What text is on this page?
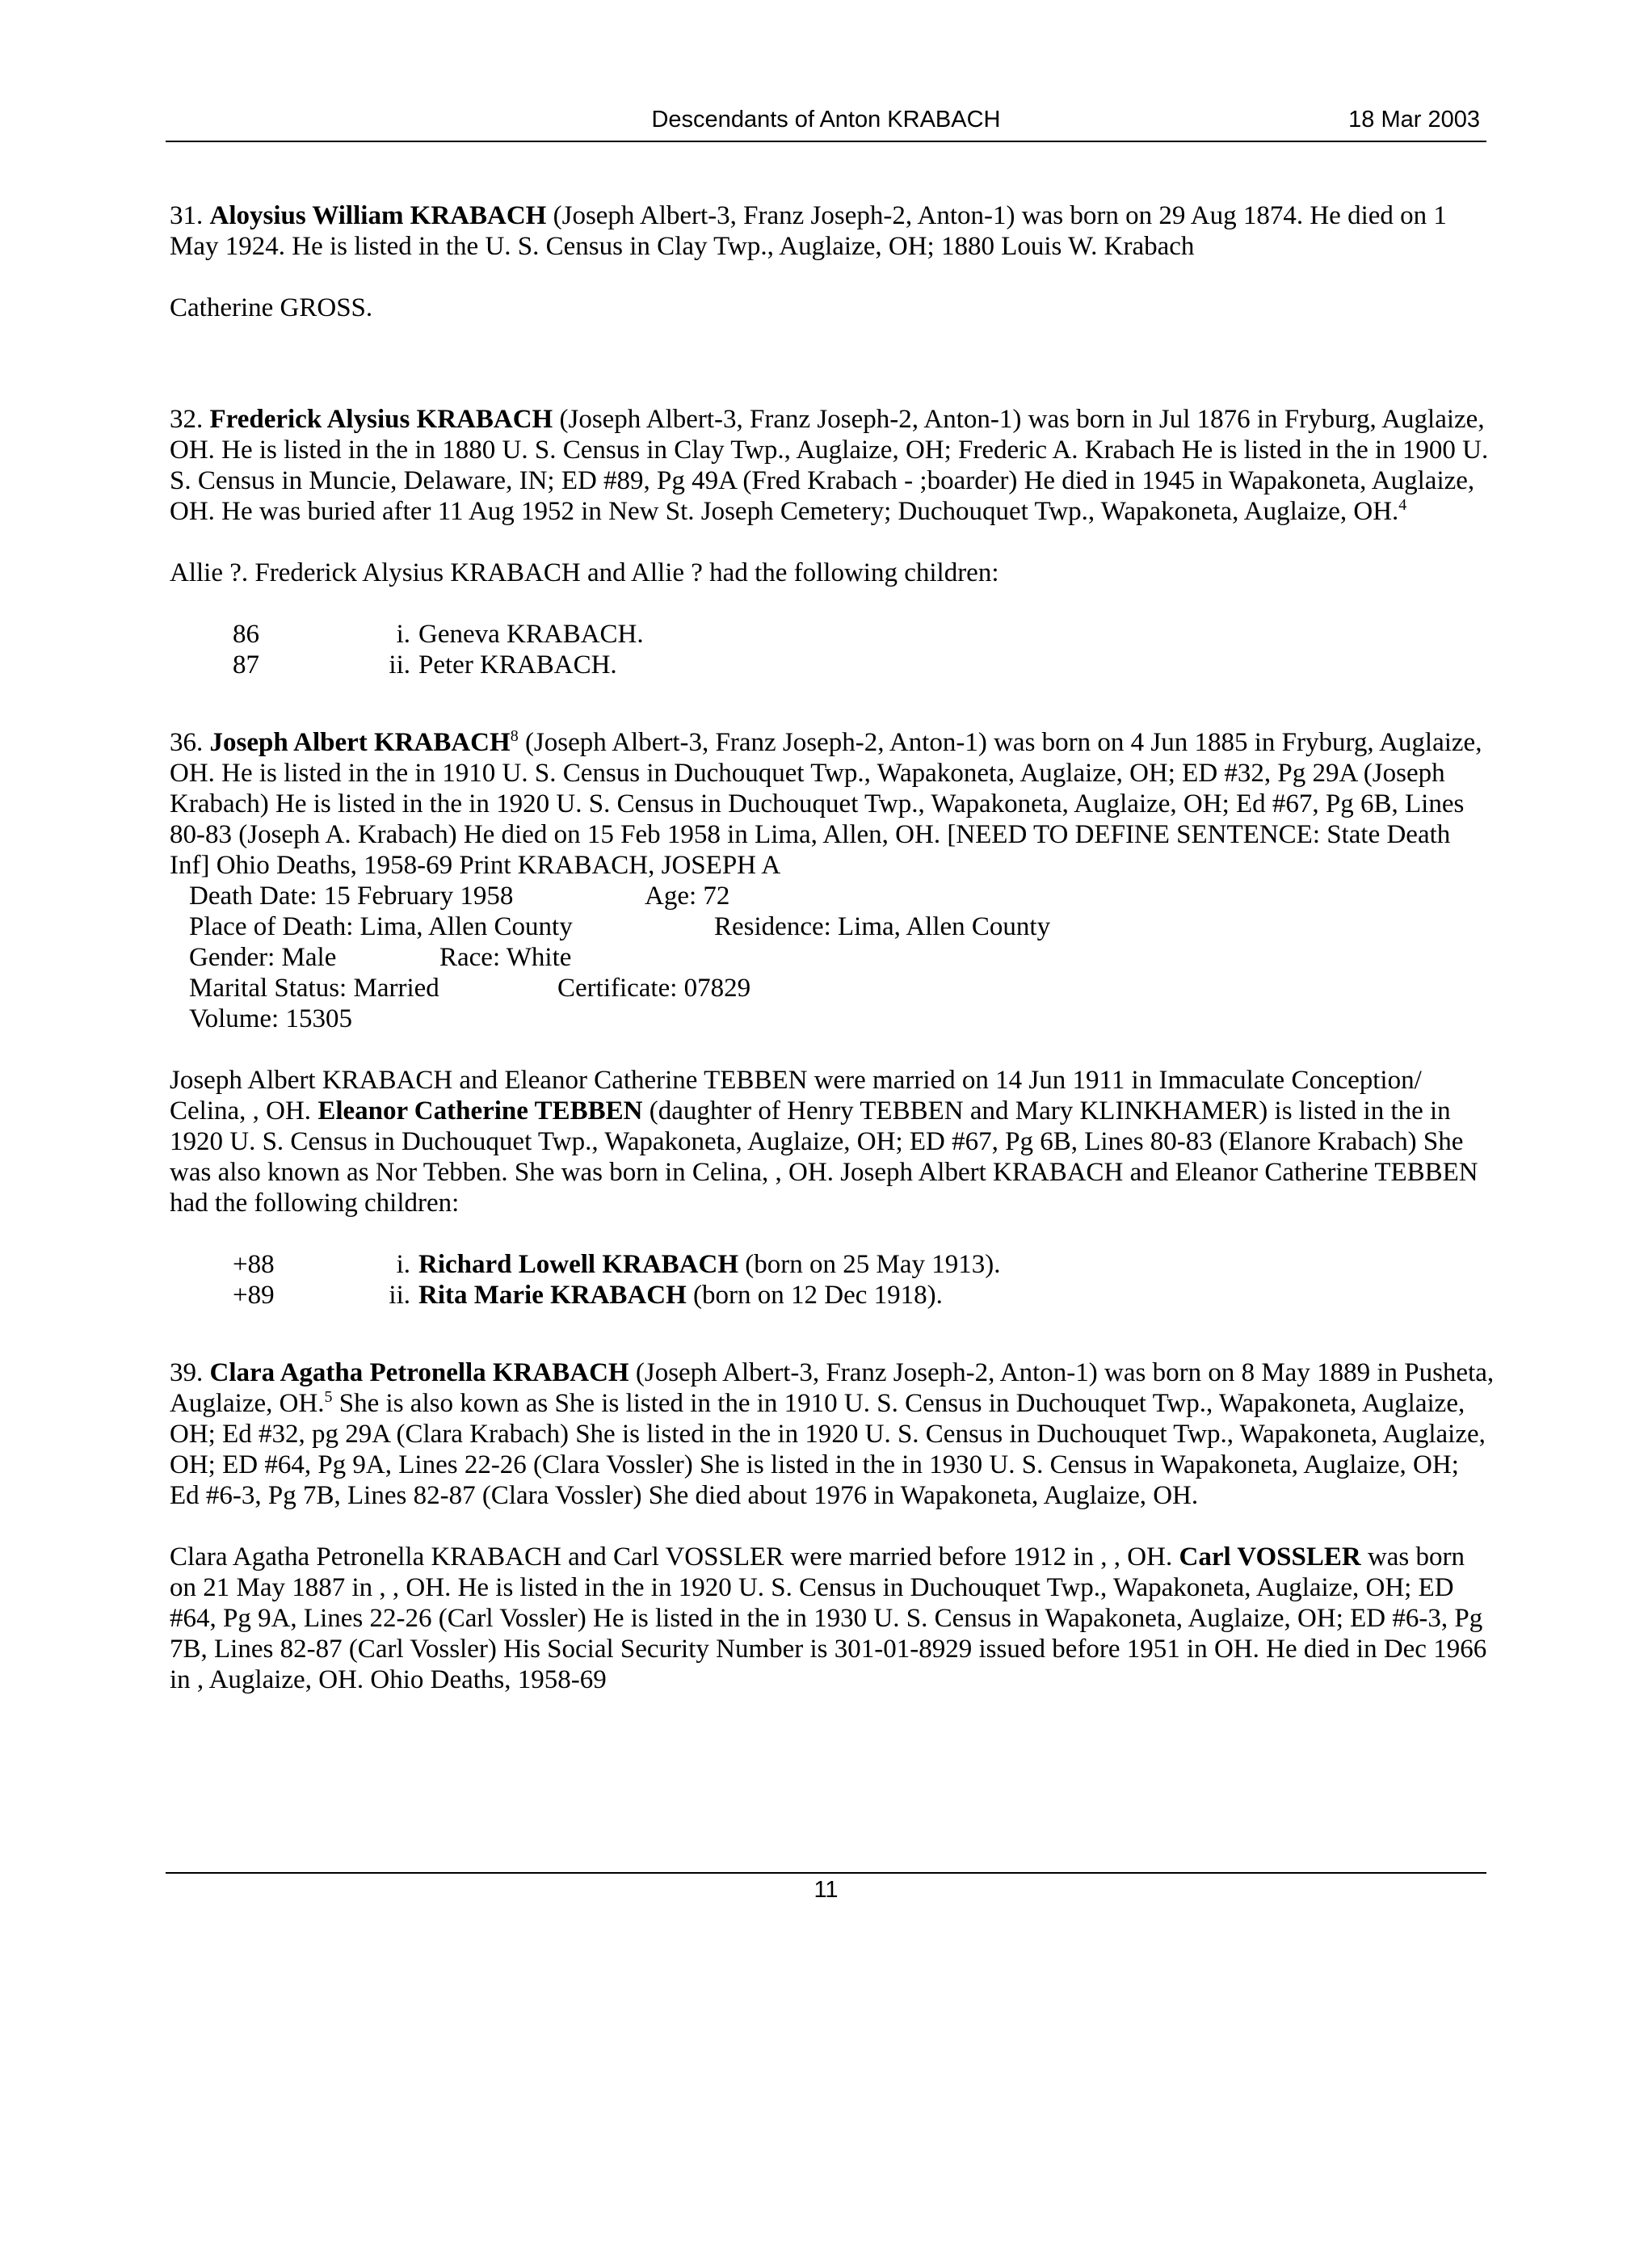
Descendants of Anton KRABACH	18 Mar 2003

31. Aloysius William KRABACH (Joseph Albert-3, Franz Joseph-2, Anton-1) was born on 29 Aug 1874. He died on 1 May 1924. He is listed in the U. S. Census in Clay Twp., Auglaize, OH; 1880 Louis W. Krabach

Catherine GROSS.

32. Frederick Alysius KRABACH (Joseph Albert-3, Franz Joseph-2, Anton-1) was born in Jul 1876 in Fryburg, Auglaize, OH. He is listed in the in 1880 U. S. Census in Clay Twp., Auglaize, OH; Frederic A. Krabach He is listed in the in 1900 U. S. Census in Muncie, Delaware, IN; ED #89, Pg 49A (Fred Krabach - ;boarder) He died in 1945 in Wapakoneta, Auglaize, OH. He was buried after 11 Aug 1952 in New St. Joseph Cemetery; Duchouquet Twp., Wapakoneta, Auglaize, OH.$^4$

Allie ?. Frederick Alysius KRABACH and Allie ? had the following children:

86	i. Geneva KRABACH.
87	ii. Peter KRABACH.

36. Joseph Albert KRABACH$^8$ (Joseph Albert-3, Franz Joseph-2, Anton-1) was born on 4 Jun 1885 in Fryburg, Auglaize, OH. He is listed in the in 1910 U. S. Census in Duchouquet Twp., Wapakoneta, Auglaize, OH; ED #32, Pg 29A (Joseph Krabach) He is listed in the in 1920 U. S. Census in Duchouquet Twp., Wapakoneta, Auglaize, OH; Ed #67, Pg 6B, Lines 80-83 (Joseph A. Krabach) He died on 15 Feb 1958 in Lima, Allen, OH. [NEED TO DEFINE SENTENCE: State Death Inf] Ohio Deaths, 1958-69 Print KRABACH, JOSEPH A

Death Date: 15 February 1958	Age: 72
Place of Death: Lima, Allen County	Residence: Lima, Allen County
Gender: Male	Race: White
Marital Status: Married	Certificate: 07829
Volume: 15305

Joseph Albert KRABACH and Eleanor Catherine TEBBEN were married on 14 Jun 1911 in Immaculate Conception/ Celina, , OH. Eleanor Catherine TEBBEN (daughter of Henry TEBBEN and Mary KLINKHAMER) is listed in the in 1920 U. S. Census in Duchouquet Twp., Wapakoneta, Auglaize, OH; ED #67, Pg 6B, Lines 80-83 (Elanore Krabach) She was also known as Nor Tebben. She was born in Celina, , OH. Joseph Albert KRABACH and Eleanor Catherine TEBBEN had the following children:

+88	i. Richard Lowell KRABACH (born on 25 May 1913).
+89	ii. Rita Marie KRABACH (born on 12 Dec 1918).

39. Clara Agatha Petronella KRABACH (Joseph Albert-3, Franz Joseph-2, Anton-1) was born on 8 May 1889 in Pusheta, Auglaize, OH.$^5$ She is also kown as She is listed in the in 1910 U. S. Census in Duchouquet Twp., Wapakoneta, Auglaize, OH; Ed #32, pg 29A (Clara Krabach) She is listed in the in 1920 U. S. Census in Duchouquet Twp., Wapakoneta, Auglaize, OH; ED #64, Pg 9A, Lines 22-26 (Clara Vossler) She is listed in the in 1930 U. S. Census in Wapakoneta, Auglaize, OH; Ed #6-3, Pg 7B, Lines 82-87 (Clara Vossler) She died about 1976 in Wapakoneta, Auglaize, OH.

Clara Agatha Petronella KRABACH and Carl VOSSLER were married before 1912 in , , OH. Carl VOSSLER was born on 21 May 1887 in , , OH. He is listed in the in 1920 U. S. Census in Duchouquet Twp., Wapakoneta, Auglaize, OH; ED #64, Pg 9A, Lines 22-26 (Carl Vossler) He is listed in the in 1930 U. S. Census in Wapakoneta, Auglaize, OH; ED #6-3, Pg 7B, Lines 82-87 (Carl Vossler) His Social Security Number is 301-01-8929 issued before 1951 in OH. He died in Dec 1966 in , Auglaize, OH. Ohio Deaths, 1958-69

11
